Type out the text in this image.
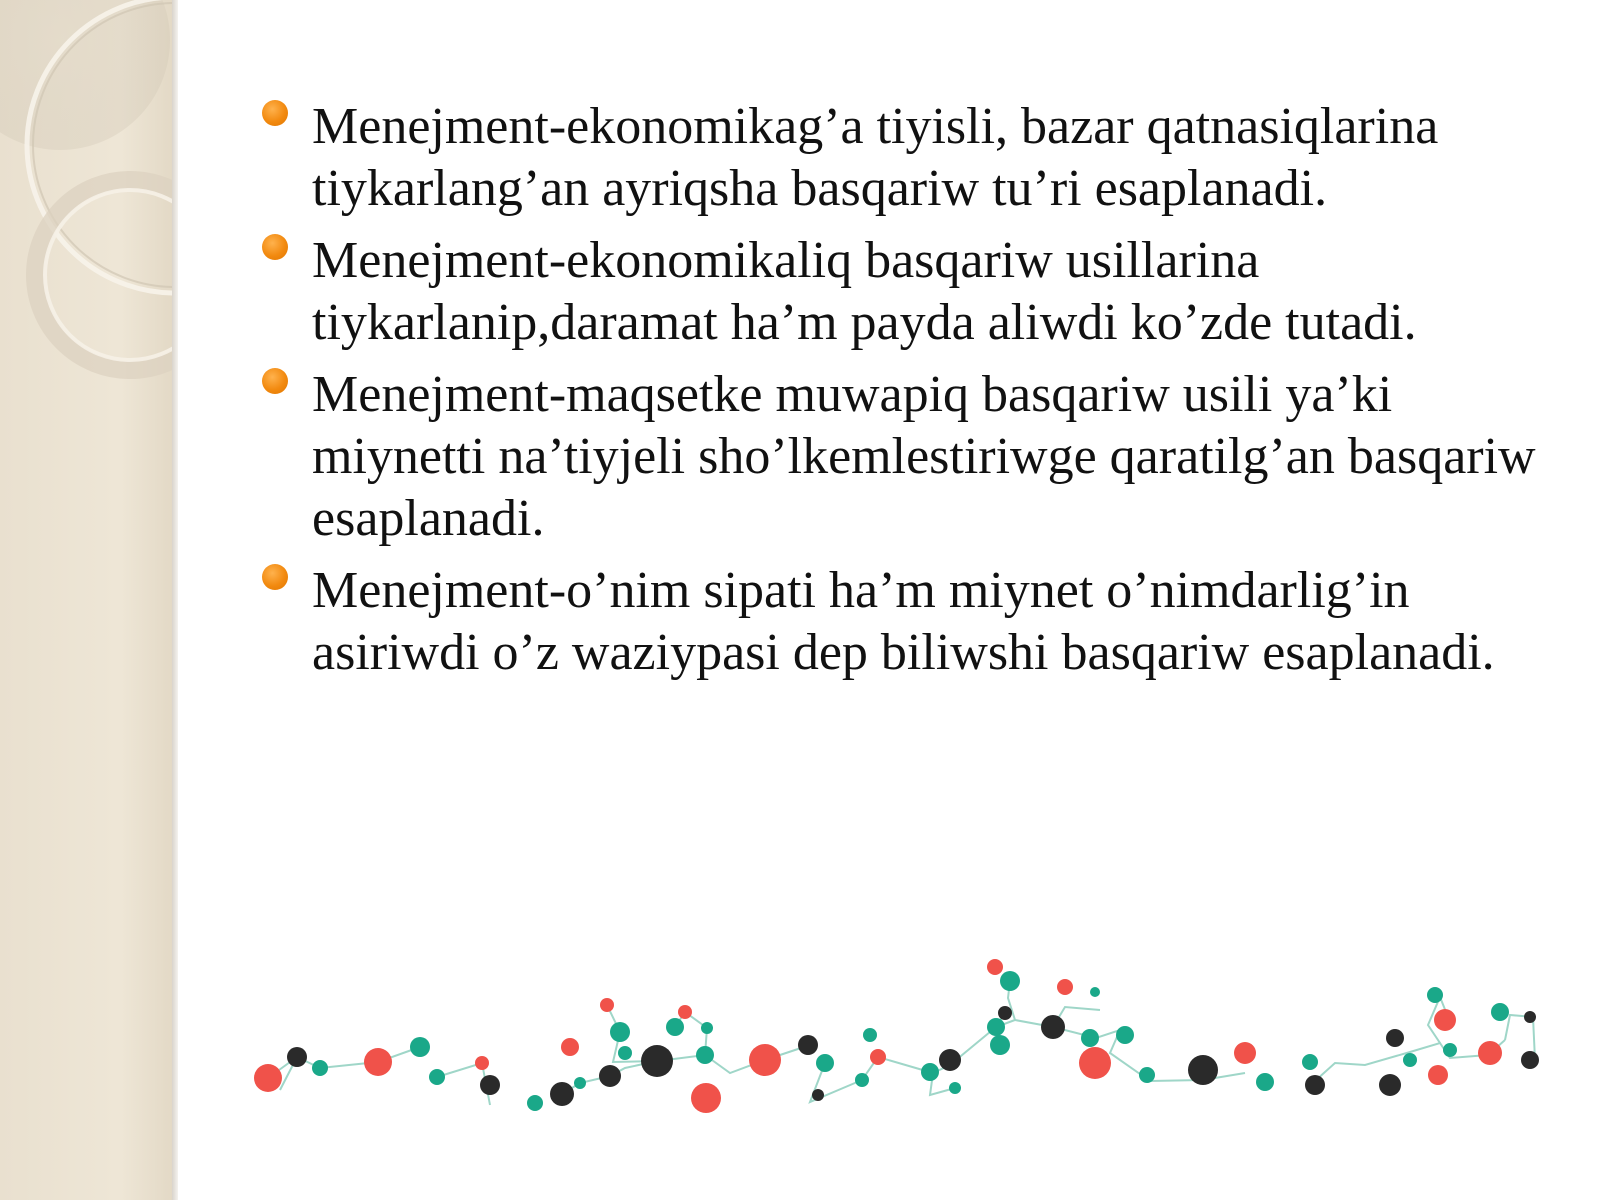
Menejment-ekonomikag’a tiyisli, bazar qatnasiqlarina tiykarlang’an ayriqsha basqariw tu’ri esaplanadi.
Menejment-ekonomikaliq basqariw usillarina tiykarlanip,daramat ha’m payda aliwdi ko’zde tutadi.
Menejment-maqsetke muwapiq basqariw usili ya’ki miynetti na’tiyjeli sho’lkemlestiriwge qaratilg’an basqariw esaplanadi.
Menejment-o’nim sipati ha’m miynet o’nimdarlig’in asiriwdi o’z waziypasi dep biliwshi basqariw esaplanadi.
